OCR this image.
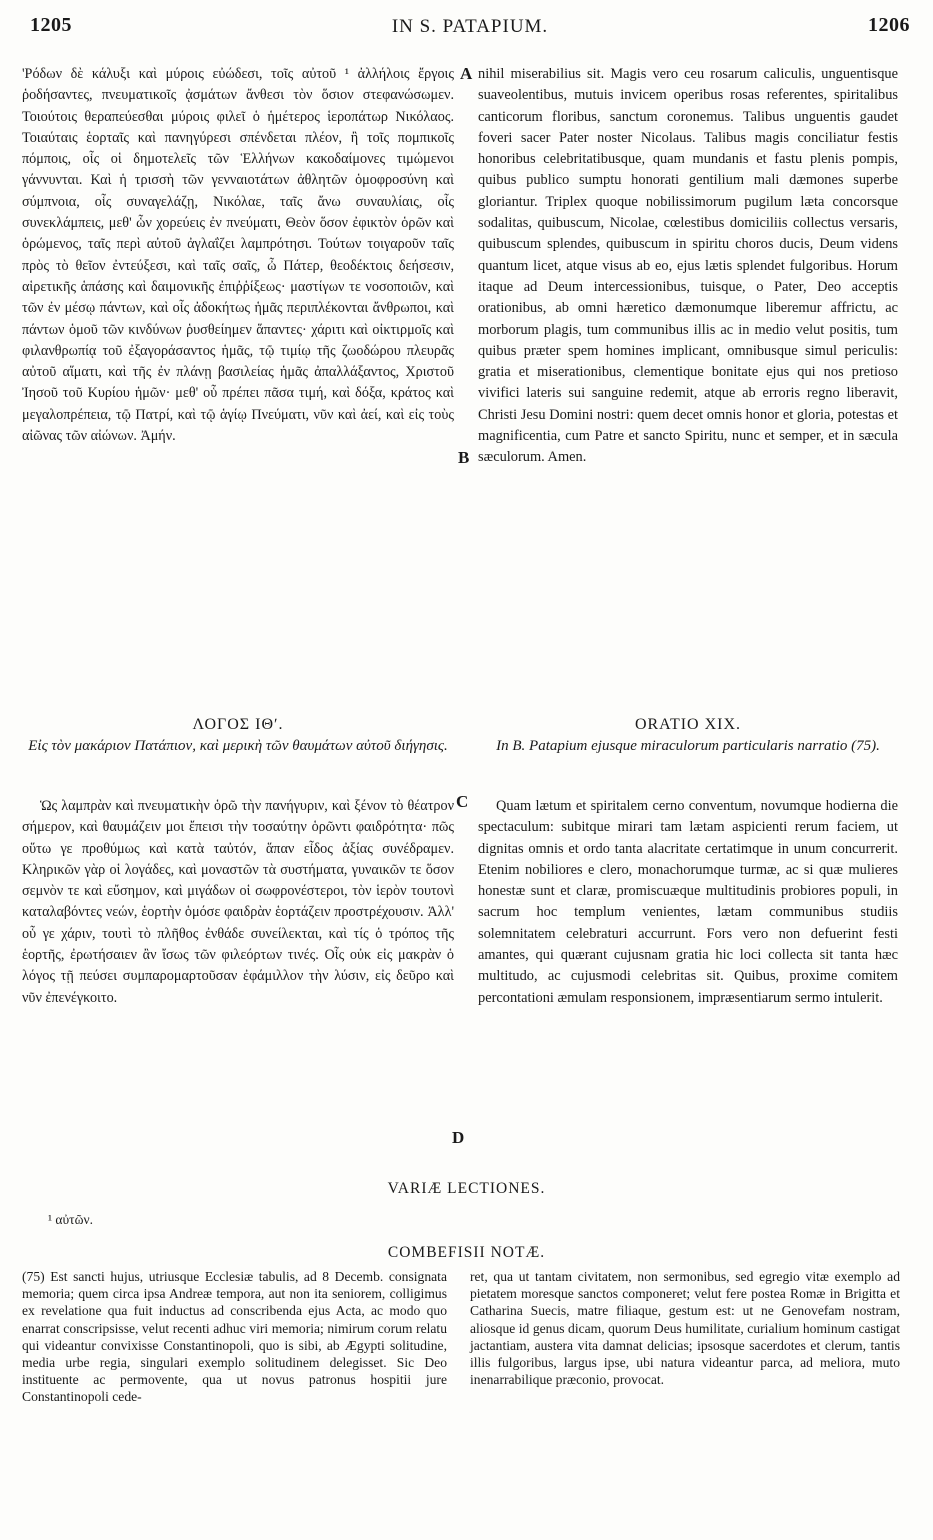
1205	IN S. PATAPIUM.	1206

'Ρόδων δὲ κάλυξι καὶ μύροις εὐώδεσι, τοῖς αὐτοῦ ¹ ἀλλήλοις ἔργοις ῥοδήσαντες, πνευματικοῖς ᾀσμάτων ἄνθεσι τὸν ὅσιον στεφανώσωμεν. Τοιούτοις θεραπεύεσθαι μύροις φιλεῖ ὁ ἡμέτερος ἱεροπάτωρ Νικόλαος. Τοιαύταις ἑορταῖς καὶ πανηγύρεσι σπένδεται πλέον, ἢ τοῖς πομπικοῖς πόμποις, οἷς οἱ δημοτελεῖς τῶν Ἑλλήνων κακοδαίμονες τιμώμενοι γάννυνται. Καὶ ἡ τρισσὴ τῶν γενναιοτάτων ἀθλητῶν ὁμοφροσύνη καὶ σύμπνοια, οἷς συναγελάζῃ, Νικόλαε, ταῖς ἄνω συναυλίαις, οἷς συνεκλάμπεις, μεθ' ὧν χορεύεις ἐν πνεύματι, Θεὸν ὅσον ἐφικτὸν ὁρῶν καὶ ὁρώμενος, ταῖς περὶ αὐτοῦ ἀγλαΐζει λαμπρότησι. Τούτων τοιγαροῦν ταῖς πρὸς τὸ θεῖον ἐντεύξεσι, καὶ ταῖς σαῖς, ὦ Πάτερ, θεοδέκτοις δεήσεσιν, αἱρετικῆς ἁπάσης καὶ δαιμονικῆς ἐπιῤῥίξεως· μαστίγων τε νοσοποιῶν, καὶ τῶν ἐν μέσῳ πάντων, καὶ οἷς ἀδοκήτως ἡμᾶς περιπλέκονται ἄνθρωποι, καὶ πάντων ὁμοῦ τῶν κινδύνων ῥυσθείημεν ἅπαντες· χάριτι καὶ οἰκτιρμοῖς καὶ φιλανθρωπίᾳ τοῦ ἐξαγοράσαντος ἡμᾶς, τῷ τιμίῳ τῆς ζωοδώρου πλευρᾶς αὐτοῦ αἵματι, καὶ τῆς ἐν πλάνῃ βασιλείας ἡμᾶς ἀπαλλάξαντος, Χριστοῦ Ἰησοῦ τοῦ Κυρίου ἡμῶν· μεθ' οὗ πρέπει πᾶσα τιμή, καὶ δόξα, κράτος καὶ μεγαλοπρέπεια, τῷ Πατρί, καὶ τῷ ἁγίῳ Πνεύματι, νῦν καὶ ἀεί, καὶ εἰς τοὺς αἰῶνας τῶν αἰώνων. Ἀμήν.

nihil miserabilius sit. Magis vero ceu rosarum caliculis, unguentisque suaveolentibus, mutuis invicem operibus rosas referentes, spiritalibus canticorum floribus, sanctum coronemus. Talibus unguentis gaudet foveri sacer Pater noster Nicolaus. Talibus magis conciliatur festis honoribus celebritatibusque, quam mundanis et fastu plenis pompis, quibus publico sumptu honorati gentilium mali dæmones superbe gloriantur. Triplex quoque nobilissimorum pugilum læta concorsque sodalitas, quibuscum, Nicolae, cœlestibus domiciliis collectus versaris, quibuscum splendes, quibuscum in spiritu choros ducis, Deum videns quantum licet, atque visus ab eo, ejus lætis splendet fulgoribus. Horum itaque ad Deum intercessionibus, tuisque, o Pater, Deo acceptis orationibus, ab omni hæretico dæmonumque liberemur affrictu, ac morborum plagis, tum communibus illis ac in medio velut positis, tum quibus præter spem homines implicant, omnibusque simul periculis: gratia et miserationibus, clementique bonitate ejus qui nos pretioso vivifici lateris sui sanguine redemit, atque ab erroris regno liberavit, Christi Jesu Domini nostri: quem decet omnis honor et gloria, potestas et magnificentia, cum Patre et sancto Spiritu, nunc et semper, et in sæcula sæculorum. Amen.

A
B
C
D
ΛΟΓΟΣ ΙΘʹ.
Εἰς τὸν μακάριον Πατάπιον, καὶ μερικὴ τῶν θαυμάτων αὐτοῦ διήγησις.
ORATIO XIX.
In B. Patapium ejusque miraculorum particularis narratio (75).

Ὡς λαμπρὰν καὶ πνευματικὴν ὁρῶ τὴν πανήγυριν, καὶ ξένον τὸ θέατρον σήμερον, καὶ θαυμάζειν μοι ἔπεισι τὴν τοσαύτην ὁρῶντι φαιδρότητα· πῶς οὕτω γε προθύμως καὶ κατὰ ταὐτόν, ἅπαν εἶδος ἀξίας συνέδραμεν. Κληρικῶν γὰρ οἱ λογάδες, καὶ μοναστῶν τὰ συστήματα, γυναικῶν τε ὅσον σεμνὸν τε καὶ εὔσημον, καὶ μιγάδων οἱ σωφρονέστεροι, τὸν ἱερὸν τουτονὶ καταλαβόντες νεών, ἑορτὴν ὁμόσε φαιδρὰν ἑορτάζειν προστρέχουσιν. Ἀλλ' οὗ γε χάριν, τουτὶ τὸ πλῆθος ἐνθάδε συνείλεκται, καὶ τίς ὁ τρόπος τῆς ἑορτῆς, ἐρωτήσαιεν ἂν ἴσως τῶν φιλεόρτων τινές. Οἷς οὐκ εἰς μακρὰν ὁ λόγος τῇ πεύσει συμπαρομαρτοῦσαν ἐφάμιλλον τὴν λύσιν, εἰς δεῦρο καὶ νῦν ἐπενέγκοιτο.

Quam lætum et spiritalem cerno conventum, novumque hodierna die spectaculum: subitque mirari tam lætam aspicienti rerum faciem, ut dignitas omnis et ordo tanta alacritate certatimque in unum concurrerit. Etenim nobiliores e clero, monachorumque turmæ, ac si quæ mulieres honestæ sunt et claræ, promiscuæque multitudinis probiores populi, in sacrum hoc templum venientes, lætam communibus studiis solemnitatem celebraturi accurrunt. Fors vero non defuerint festi amantes, qui quærant cujusnam gratia hic loci collecta sit tanta hæc multitudo, ac cujusmodi celebritas sit. Quibus, proxime comitem percontationi æmulam responsionem, impræsentiarum sermo intulerit.

VARIÆ LECTIONES.
¹ αὐτῶν.
COMBEFISII NOTÆ.

(75) Est sancti hujus, utriusque Ecclesiæ tabulis, ad 8 Decemb. consignata memoria; quem circa ipsa Andreæ tempora, aut non ita seniorem, colligimus ex revelatione qua fuit inductus ad conscribenda ejus Acta, ac modo quo enarrat conscripsisse, velut recenti adhuc viri memoria; nimirum corum relatu qui videantur convixisse Constantinopoli, quo is sibi, ab Ægypti solitudine, media urbe regia, singulari exemplo solitudinem delegisset. Sic Deo instituente ac permovente, qua ut novus patronus hospitii jure Constantinopoli cede-

ret, qua ut tantam civitatem, non sermonibus, sed egregio vitæ exemplo ad pietatem moresque sanctos componeret; velut fere postea Romæ in Brigitta et Catharina Suecis, matre filiaque, gestum est: ut ne Genovefam nostram, aliosque id genus dicam, quorum Deus humilitate, curialium hominum castigat jactantiam, austera vita damnat delicias; ipsosque sacerdotes et clerum, tantis illis fulgoribus, largus ipse, ubi natura videantur parca, ad meliora, muto inenarrabilique præconio, provocat.
